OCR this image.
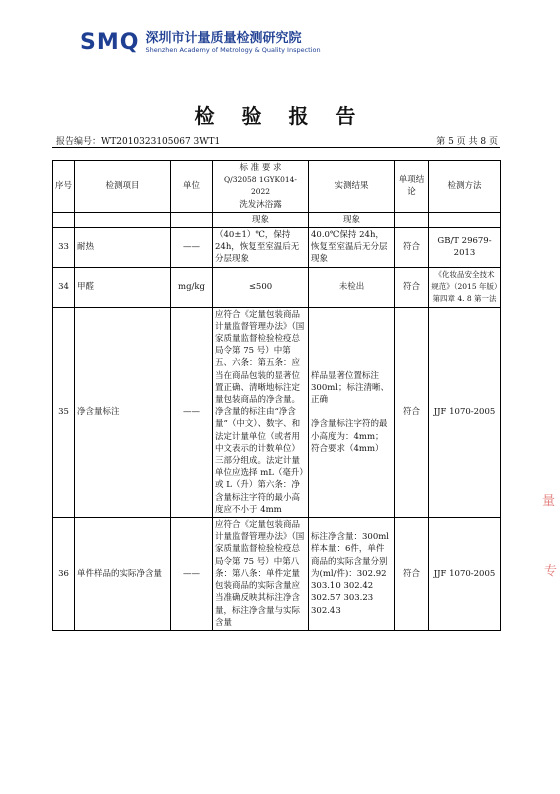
SMQ 深圳市计量质量检测研究院
Shenzhen Academy of Metrology & Quality Inspection
检 验 报 告
报告编号：WT2010323105067 3WT1	第 5 页 共 8 页
序号	检测项目	单位	标 准 要 求
Q/32058 1GYK014-2022
洗发沐浴露	实测结果	单项结论	检测方法
			现象	现象		
33	耐热	——	（40±1）℃，保持 24h，恢复至室温后无分层现象	40.0℃保持 24h，恢复至室温后无分层现象	符合	GB/T 29679-2013
34	甲醛	mg/kg	≤500	未检出	符合	《化妆品安全技术规范》（2015 年版）第四章 4. 8 第一法
35	净含量标注	——	应符合《定量包装商品计量监督管理办法》（国家质量监督检验检疫总局令第 75 号）中第五、六条：第五条：应当在商品包装的显著位置正确、清晰地标注定量包装商品的净含量。净含量的标注由“净含量”（中文）、数字、和法定计量单位（或者用中文表示的计数单位）三部分组成。法定计量单位应选择 mL（毫升）或 L（升）第六条：净含量标注字符的最小高度应不小于 4mm	样品显著位置标注 300ml；标注清晰、正确
净含量标注字符的最小高度为：4mm；符合要求（4mm）	符合	JJF 1070-2005
36	单件样品的实际净含量	——	应符合《定量包装商品计量监督管理办法》（国家质量监督检验检疫总局令第 75 号）中第八条：第八条：单件定量包装商品的实际含量应当准确反映其标注净含量，标注净含量与实际含量	标注净含量：300ml
样本量：6件，单件商品的实际含量分别为(ml/件)：302.92 303.10 302.42 302.57 303.23 302.43	符合	JJF 1070-2005
量
专
